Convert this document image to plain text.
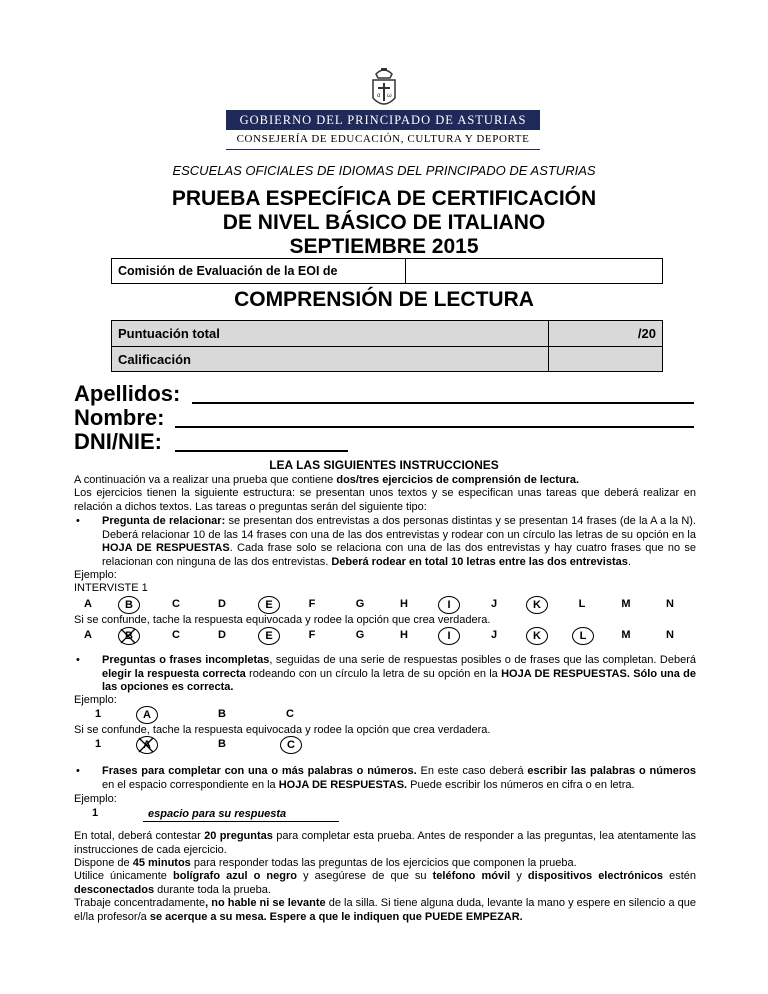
α ω
GOBIERNO DEL PRINCIPADO DE ASTURIAS
CONSEJERÍA DE EDUCACIÓN, CULTURA Y DEPORTE
ESCUELAS OFICIALES DE IDIOMAS DEL PRINCIPADO DE ASTURIAS
PRUEBA ESPECÍFICA DE CERTIFICACIÓN
DE NIVEL BÁSICO DE ITALIANO
SEPTIEMBRE 2015
Comisión de Evaluación de la EOI de
COMPRENSIÓN DE LECTURA
Puntuación total	/20
Calificación
Apellidos:
Nombre:
DNI/NIE:
LEA LAS SIGUIENTES INSTRUCCIONES
A continuación va a realizar una prueba que contiene dos/tres ejercicios de comprensión de lectura.
Los ejercicios tienen la siguiente estructura: se presentan unos textos y se especifican unas tareas que deberá realizar en relación a dichos textos. Las tareas o preguntas serán del siguiente tipo:
• Pregunta de relacionar: se presentan dos entrevistas a dos personas distintas y se presentan 14 frases (de la A a la N). Deberá relacionar 10 de las 14 frases con una de las dos entrevistas y rodear con un círculo las letras de su opción en la HOJA DE RESPUESTAS. Cada frase solo se relaciona con una de las dos entrevistas y hay cuatro frases que no se relacionan con ninguna de las dos entrevistas. Deberá rodear en total 10 letras entre las dos entrevistas.
Ejemplo:
INTERVISTE 1
A	B	C	D	E	F	G	H	I	J	K	L	M	N
Si se confunde, tache la respuesta equivocada y rodee la opción que crea verdadera.
A	B	C	D	E	F	G	H	I	J	K	L	M	N
• Preguntas o frases incompletas, seguidas de una serie de respuestas posibles o de frases que las completan. Deberá elegir la respuesta correcta rodeando con un círculo la letra de su opción en la HOJA DE RESPUESTAS. Sólo una de las opciones es correcta.
Ejemplo:
1	A	B	C
Si se confunde, tache la respuesta equivocada y rodee la opción que crea verdadera.
1	A	B	C
• Frases para completar con una o más palabras o números. En este caso deberá escribir las palabras o números en el espacio correspondiente en la HOJA DE RESPUESTAS. Puede escribir los números en cifra o en letra.
Ejemplo:
1	espacio para su respuesta
En total, deberá contestar 20 preguntas para completar esta prueba. Antes de responder a las preguntas, lea atentamente las instrucciones de cada ejercicio.
Dispone de 45 minutos para responder todas las preguntas de los ejercicios que componen la prueba.
Utilice únicamente bolígrafo azul o negro y asegúrese de que su teléfono móvil y dispositivos electrónicos estén desconectados durante toda la prueba.
Trabaje concentradamente, no hable ni se levante de la silla. Si tiene alguna duda, levante la mano y espere en silencio a que el/la profesor/a se acerque a su mesa. Espere a que le indiquen que PUEDE EMPEZAR.
